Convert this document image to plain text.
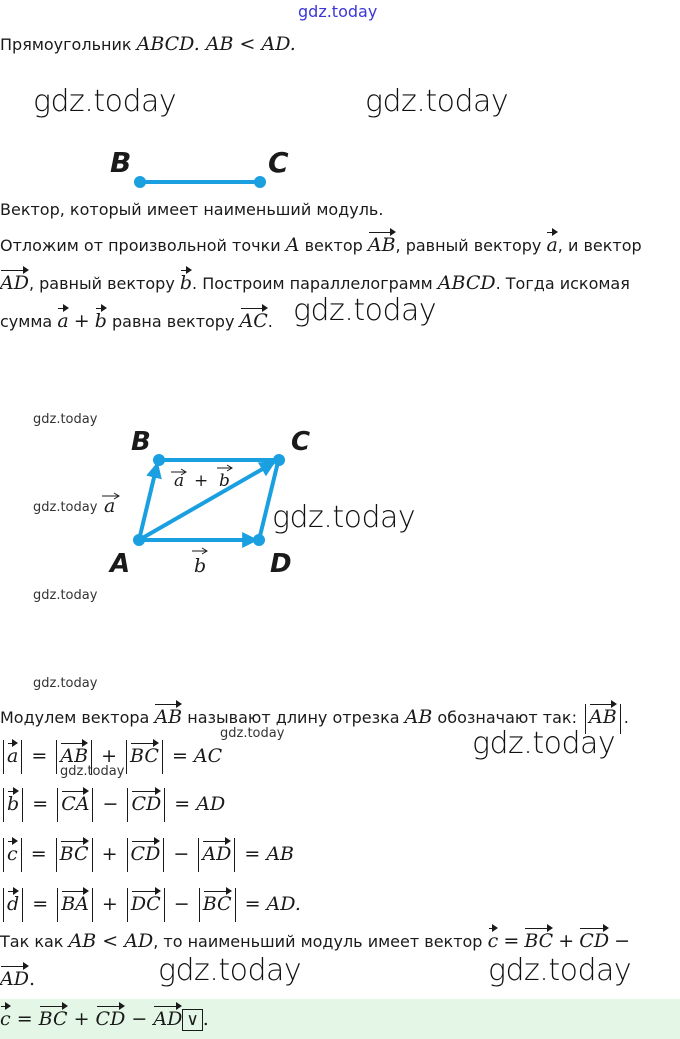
gdz.today
Прямоугольник ABCD. AB < AD.
gdz.today	gdz.today
B	C
Вектор, который имеет наименьший модуль.
Отложим от произвольной точки A вектор AB, равный вектору a, и вектор
AD, равный вектору b. Построим параллелограмм ABCD. Тогда искомая
сумма a + b равна вектору AC. gdz.today
gdz.today
gdz.today
gdz.today
gdz.today
B	C
A	D
a + b
a
b
gdz.today
Модулем вектора AB называют длину отрезка AB обозначают так: AB .
gdz.today	gdz.today
gdz.today
a = AB + BC = AC
b = CA − CD = AD
c = BC + CD − AD = AB
d = BA + DC − BC = AD.
Так как AB < AD, то наименьший модуль имеет вектор c = BC + CD −
AD.	gdz.today	gdz.today
c = BC + CD − AD ∨ .
